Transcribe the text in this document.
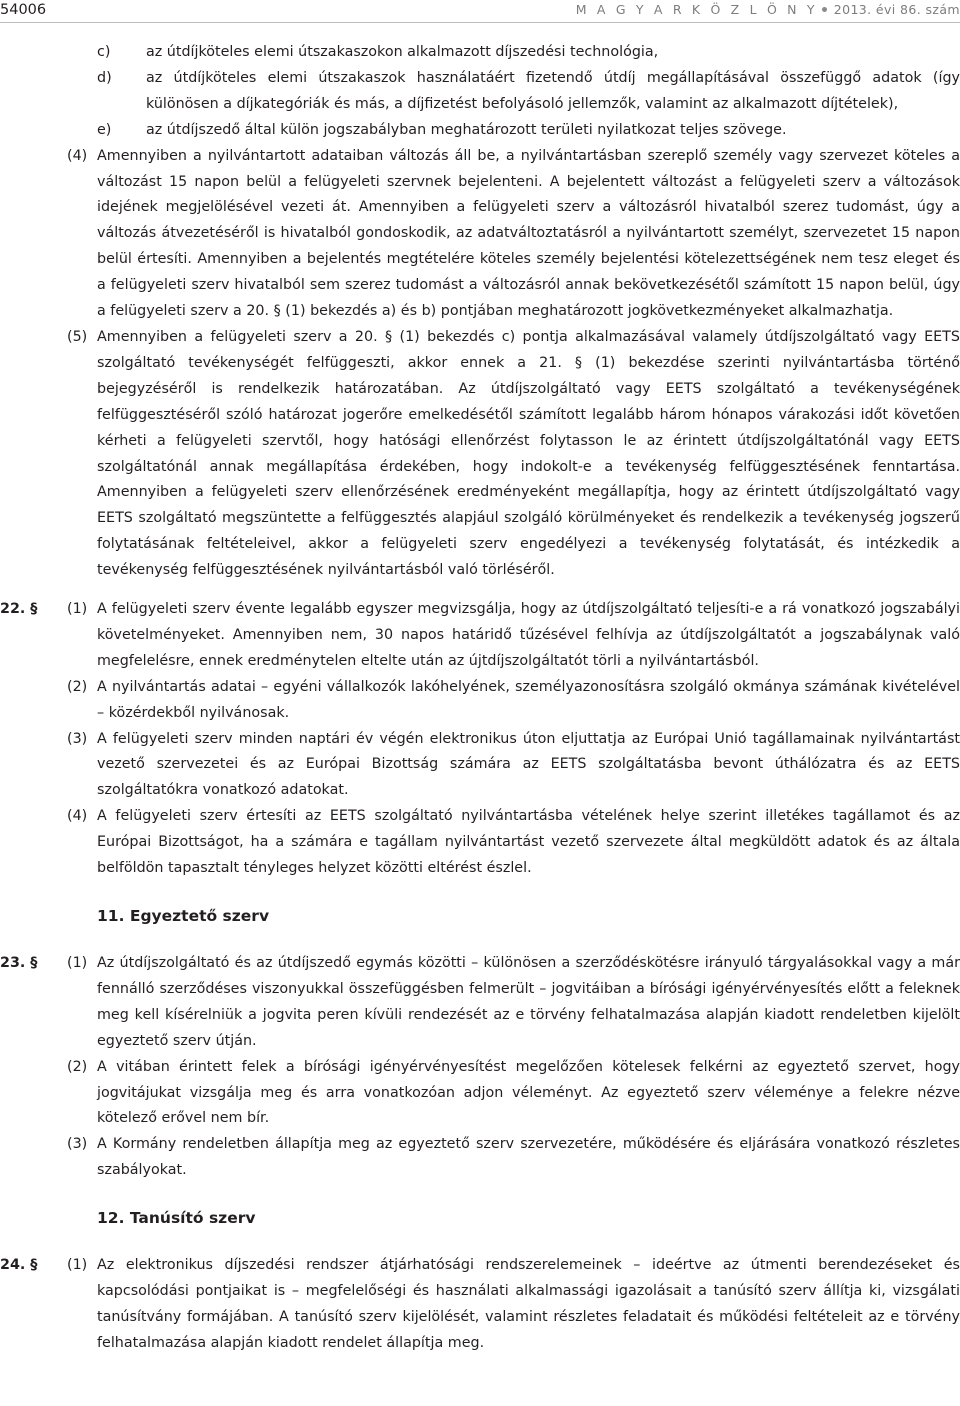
54006	M A G Y A R K Ö Z L Ö N Y 2013. évi 86. szám
c) az útdíjköteles elemi útszakaszokon alkalmazott díjszedési technológia,
d) az útdíjköteles elemi útszakaszok használatáért fizetendő útdíj megállapításával összefüggő adatok (így különösen a díjkategóriák és más, a díjfizetést befolyásoló jellemzők, valamint az alkalmazott díjtételek),
e) az útdíjszedő által külön jogszabályban meghatározott területi nyilatkozat teljes szövege.
(4) Amennyiben a nyilvántartott adataiban változás áll be, a nyilvántartásban szereplő személy vagy szervezet köteles a változást 15 napon belül a felügyeleti szervnek bejelenteni. A bejelentett változást a felügyeleti szerv a változások idejének megjelölésével vezeti át. Amennyiben a felügyeleti szerv a változásról hivatalból szerez tudomást, úgy a változás átvezetéséről is hivatalból gondoskodik, az adatváltoztatásról a nyilvántartott személyt, szervezetet 15 napon belül értesíti. Amennyiben a bejelentés megtételére köteles személy bejelentési kötelezettségének nem tesz eleget és a felügyeleti szerv hivatalból sem szerez tudomást a változásról annak bekövetkezésétől számított 15 napon belül, úgy a felügyeleti szerv a 20. § (1) bekezdés a) és b) pontjában meghatározott jogkövetkezményeket alkalmazhatja.
(5) Amennyiben a felügyeleti szerv a 20. § (1) bekezdés c) pontja alkalmazásával valamely útdíjszolgáltató vagy EETS szolgáltató tevékenységét felfüggeszti, akkor ennek a 21. § (1) bekezdése szerinti nyilvántartásba történő bejegyzéséről is rendelkezik határozatában. Az útdíjszolgáltató vagy EETS szolgáltató a tevékenységének felfüggesztéséről szóló határozat jogerőre emelkedésétől számított legalább három hónapos várakozási időt követően kérheti a felügyeleti szervtől, hogy hatósági ellenőrzést folytasson le az érintett útdíjszolgáltatónál vagy EETS szolgáltatónál annak megállapítása érdekében, hogy indokolt-e a tevékenység felfüggesztésének fenntartása. Amennyiben a felügyeleti szerv ellenőrzésének eredményeként megállapítja, hogy az érintett útdíjszolgáltató vagy EETS szolgáltató megszüntette a felfüggesztés alapjául szolgáló körülményeket és rendelkezik a tevékenység jogszerű folytatásának feltételeivel, akkor a felügyeleti szerv engedélyezi a tevékenység folytatását, és intézkedik a tevékenység felfüggesztésének nyilvántartásból való törléséről.
22. § (1) A felügyeleti szerv évente legalább egyszer megvizsgálja, hogy az útdíjszolgáltató teljesíti-e a rá vonatkozó jogszabályi követelményeket. Amennyiben nem, 30 napos határidő tűzésével felhívja az útdíjszolgáltatót a jogszabálynak való megfelelésre, ennek eredménytelen eltelte után az újtdíjszolgáltatót törli a nyilvántartásból.
(2) A nyilvántartás adatai – egyéni vállalkozók lakóhelyének, személyazonosításra szolgáló okmánya számának kivételével – közérdekből nyilvánosak.
(3) A felügyeleti szerv minden naptári év végén elektronikus úton eljuttatja az Európai Unió tagállamainak nyilvántartást vezető szervezetei és az Európai Bizottság számára az EETS szolgáltatásba bevont úthálózatra és az EETS szolgáltatókra vonatkozó adatokat.
(4) A felügyeleti szerv értesíti az EETS szolgáltató nyilvántartásba vételének helye szerint illetékes tagállamot és az Európai Bizottságot, ha a számára e tagállam nyilvántartást vezető szervezete által megküldött adatok és az általa belföldön tapasztalt tényleges helyzet közötti eltérést észlel.
11. Egyeztető szerv
23. § (1) Az útdíjszolgáltató és az útdíjszedő egymás közötti – különösen a szerződéskötésre irányuló tárgyalásokkal vagy a már fennálló szerződéses viszonyukkal összefüggésben felmerült – jogvitáiban a bírósági igényérvényesítés előtt a feleknek meg kell kísérelniük a jogvita peren kívüli rendezését az e törvény felhatalmazása alapján kiadott rendeletben kijelölt egyeztető szerv útján.
(2) A vitában érintett felek a bírósági igényérvényesítést megelőzően kötelesek felkérni az egyeztető szervet, hogy jogvitájukat vizsgálja meg és arra vonatkozóan adjon véleményt. Az egyeztető szerv véleménye a felekre nézve kötelező erővel nem bír.
(3) A Kormány rendeletben állapítja meg az egyeztető szerv szervezetére, működésére és eljárására vonatkozó részletes szabályokat.
12. Tanúsító szerv
24. § (1) Az elektronikus díjszedési rendszer átjárhatósági rendszerelemeinek – ideértve az útmenti berendezéseket és kapcsolódási pontjaikat is – megfelelőségi és használati alkalmassági igazolásait a tanúsító szerv állítja ki, vizsgálati tanúsítvány formájában. A tanúsító szerv kijelölését, valamint részletes feladatait és működési feltételeit az e törvény felhatalmazása alapján kiadott rendelet állapítja meg.
